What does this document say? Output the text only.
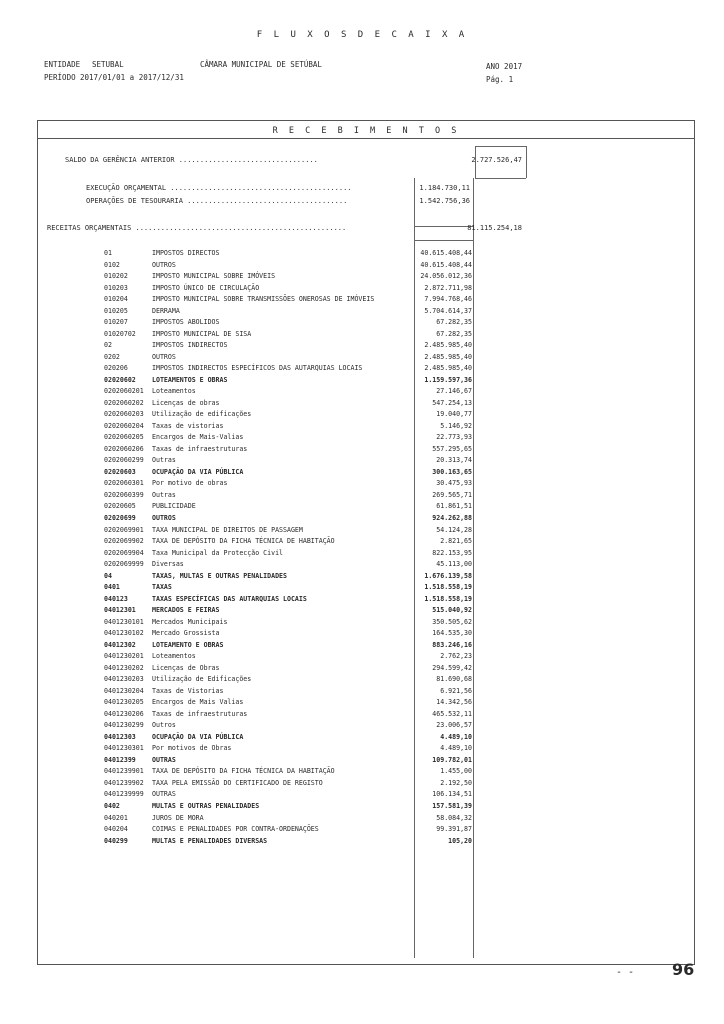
F L U X O S D E C A I X A
ENTIDADE SETUBAL	CÂMARA MUNICIPAL DE SETÚBAL	ANO 2017
PERÍODO 2017/01/01 a 2017/12/31	Pág. 1
R E C E B I M E N T O S
SALDO DA GERÊNCIA ANTERIOR .................................	2.727.526,47
EXECUÇÃO ORÇAMENTAL ...........................................	1.184.730,11
OPERAÇÕES DE TESOURARIA ......................................	1.542.756,36
RECEITAS ORÇAMENTAIS ..................................................	81.115.254,18
01	IMPOSTOS DIRECTOS	40.615.408,44
0102	OUTROS	40.615.408,44
010202	IMPOSTO MUNICIPAL SOBRE IMÓVEIS	24.056.012,36
010203	IMPOSTO ÚNICO DE CIRCULAÇÃO	2.872.711,98
010204	IMPOSTO MUNICIPAL SOBRE TRANSMISSÕES ONEROSAS DE IMÓVEIS	7.994.768,46
010205	DERRAMA	5.704.614,37
010207	IMPOSTOS ABOLIDOS	67.282,35
01020702 IMPOSTO MUNICIPAL DE SISA	67.282,35
02	IMPOSTOS INDIRECTOS	2.485.985,40
0202	OUTROS	2.485.985,40
020206	IMPOSTOS INDIRECTOS ESPECÍFICOS DAS AUTARQUIAS LOCAIS	2.485.985,40
02020602 LOTEAMENTOS E OBRAS	1.159.597,36
0202060201 Loteamentos	27.146,67
0202060202 Licenças de obras	547.254,13
0202060203 Utilização de edificações	19.040,77
0202060204 Taxas de vistorias	5.146,92
0202060205 Encargos de Mais-Valias	22.773,93
0202060206 Taxas de infraestruturas	557.295,65
0202060299 Outras	20.313,74
02020603 OCUPAÇÃO DA VIA PÚBLICA	300.163,65
0202060301 Por motivo de obras	30.475,93
0202060399 Outras	269.565,71
02020605 PUBLICIDADE	61.861,51
02020699 OUTROS	924.262,88
0202069901 TAXA MUNICIPAL DE DIREITOS DE PASSAGEM	54.124,28
0202069902 TAXA DE DEPÓSITO DA FICHA TÉCNICA DE HABITAÇÃO	2.821,65
0202069904 Taxa Municipal da Protecção Civil	822.153,95
0202069999 Diversas	45.113,00
04	TAXAS, MULTAS E OUTRAS PENALIDADES	1.676.139,58
0401	TAXAS	1.518.558,19
040123	TAXAS ESPECÍFICAS DAS AUTARQUIAS LOCAIS	1.518.558,19
04012301 MERCADOS E FEIRAS	515.040,92
0401230101 Mercados Municipais	350.505,62
0401230102 Mercado Grossista	164.535,30
04012302 LOTEAMENTO E OBRAS	883.246,16
0401230201 Loteamentos	2.762,23
0401230202 Licenças de Obras	294.599,42
0401230203 Utilização de Edificações	81.690,68
0401230204 Taxas de Vistorias	6.921,56
0401230205 Encargos de Mais Valias	14.342,56
0401230206 Taxas de infraestruturas	465.532,11
0401230299 Outros	23.006,57
04012303 OCUPAÇÃO DA VIA PÚBLICA	4.489,10
0401230301 Por motivos de Obras	4.489,10
04012399 OUTRAS	109.782,01
0401239901 TAXA DE DEPÓSITO DA FICHA TÉCNICA DA HABITAÇÃO	1.455,00
0401239902 TAXA PELA EMISSÃO DO CERTIFICADO DE REGISTO	2.192,50
0401239999 OUTRAS	106.134,51
0402	MULTAS E OUTRAS PENALIDADES	157.581,39
040201	JUROS DE MORA	58.084,32
040204	COIMAS E PENALIDADES POR CONTRA-ORDENAÇÕES	99.391,87
040299	MULTAS E PENALIDADES DIVERSAS	105,20
- - 96
